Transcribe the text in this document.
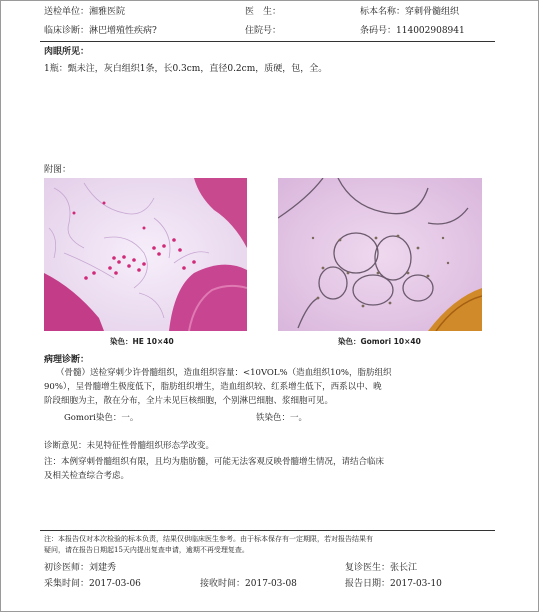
送检单位：湘雅医院	医　生：	标本名称：穿刺骨髓组织
临床诊断：淋巴增殖性疾病?	住院号：	条码号：114002908941
肉眼所见：
1瓶：甄未注，灰白组织1条，长0.3cm，直径0.2cm，质硬，包，全。
附图：
染色：HE 10×40	染色：Gomori 10×40
病理诊断：
（骨髓）送检穿刺少许骨髓组织，造血组织容量：<10VOL%（造血组织10%，脂肪组织
90%），呈骨髓增生极度低下，脂肪组织增生，造血组织较、红系增生低下，西系以中、晚
阶段细胞为主，散在分布，全片未见巨核细胞，个别淋巴细胞、浆细胞可见。
Gomori染色：一。	铁染色：一。
诊断意见：未见特征性骨髓组织形态学改变。
注：本例穿刺骨髓组织有限，且均为脂肪髓，可能无法客观反映骨髓增生情况，请结合临床
及相关检查综合考虑。
注：本报告仅对本次检验的标本负责，结果仅供临床医生参考。由于标本保存有一定期限，若对报告结果有
疑问，请在报告日期起15天内提出复查申请，逾期不再受理复查。
初诊医师：刘建秀	复诊医生：张长江
采集时间：2017-03-06	接收时间：2017-03-08	报告日期：2017-03-10
